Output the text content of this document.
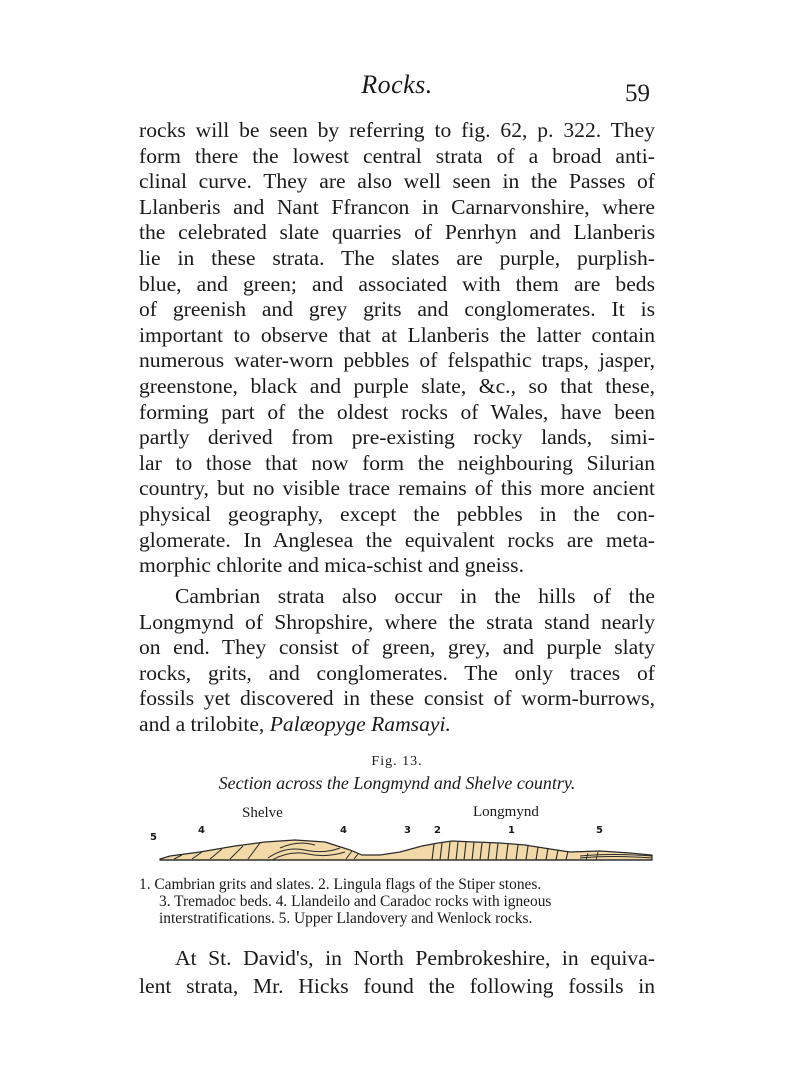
Rocks.	59
rocks will be seen by referring to fig. 62, p. 322. They
form there the lowest central strata of a broad anti-
clinal curve. They are also well seen in the Passes of
Llanberis and Nant Ffrancon in Carnarvonshire, where
the celebrated slate quarries of Penrhyn and Llanberis
lie in these strata. The slates are purple, purplish-
blue, and green; and associated with them are beds
of greenish and grey grits and conglomerates. It is
important to observe that at Llanberis the latter contain
numerous water-worn pebbles of felspathic traps, jasper,
greenstone, black and purple slate, &c., so that these,
forming part of the oldest rocks of Wales, have been
partly derived from pre-existing rocky lands, simi-
lar to those that now form the neighbouring Silurian
country, but no visible trace remains of this more ancient
physical geography, except the pebbles in the con-
glomerate. In Anglesea the equivalent rocks are meta-
morphic chlorite and mica-schist and gneiss.
Cambrian strata also occur in the hills of the
Longmynd of Shropshire, where the strata stand nearly
on end. They consist of green, grey, and purple slaty
rocks, grits, and conglomerates. The only traces of
fossils yet discovered in these consist of worm-burrows,
and a trilobite, Palæopyge Ramsayi.
Fig. 13.
Section across the Longmynd and Shelve country.
Shelve	Longmynd
5
4	4	3 2	1	5
1. Cambrian grits and slates. 2. Lingula flags of the Stiper stones.
3. Tremadoc beds. 4. Llandeilo and Caradoc rocks with igneous
interstratifications. 5. Upper Llandovery and Wenlock rocks.
At St. David's, in North Pembrokeshire, in equiva-
lent strata, Mr. Hicks found the following fossils in
